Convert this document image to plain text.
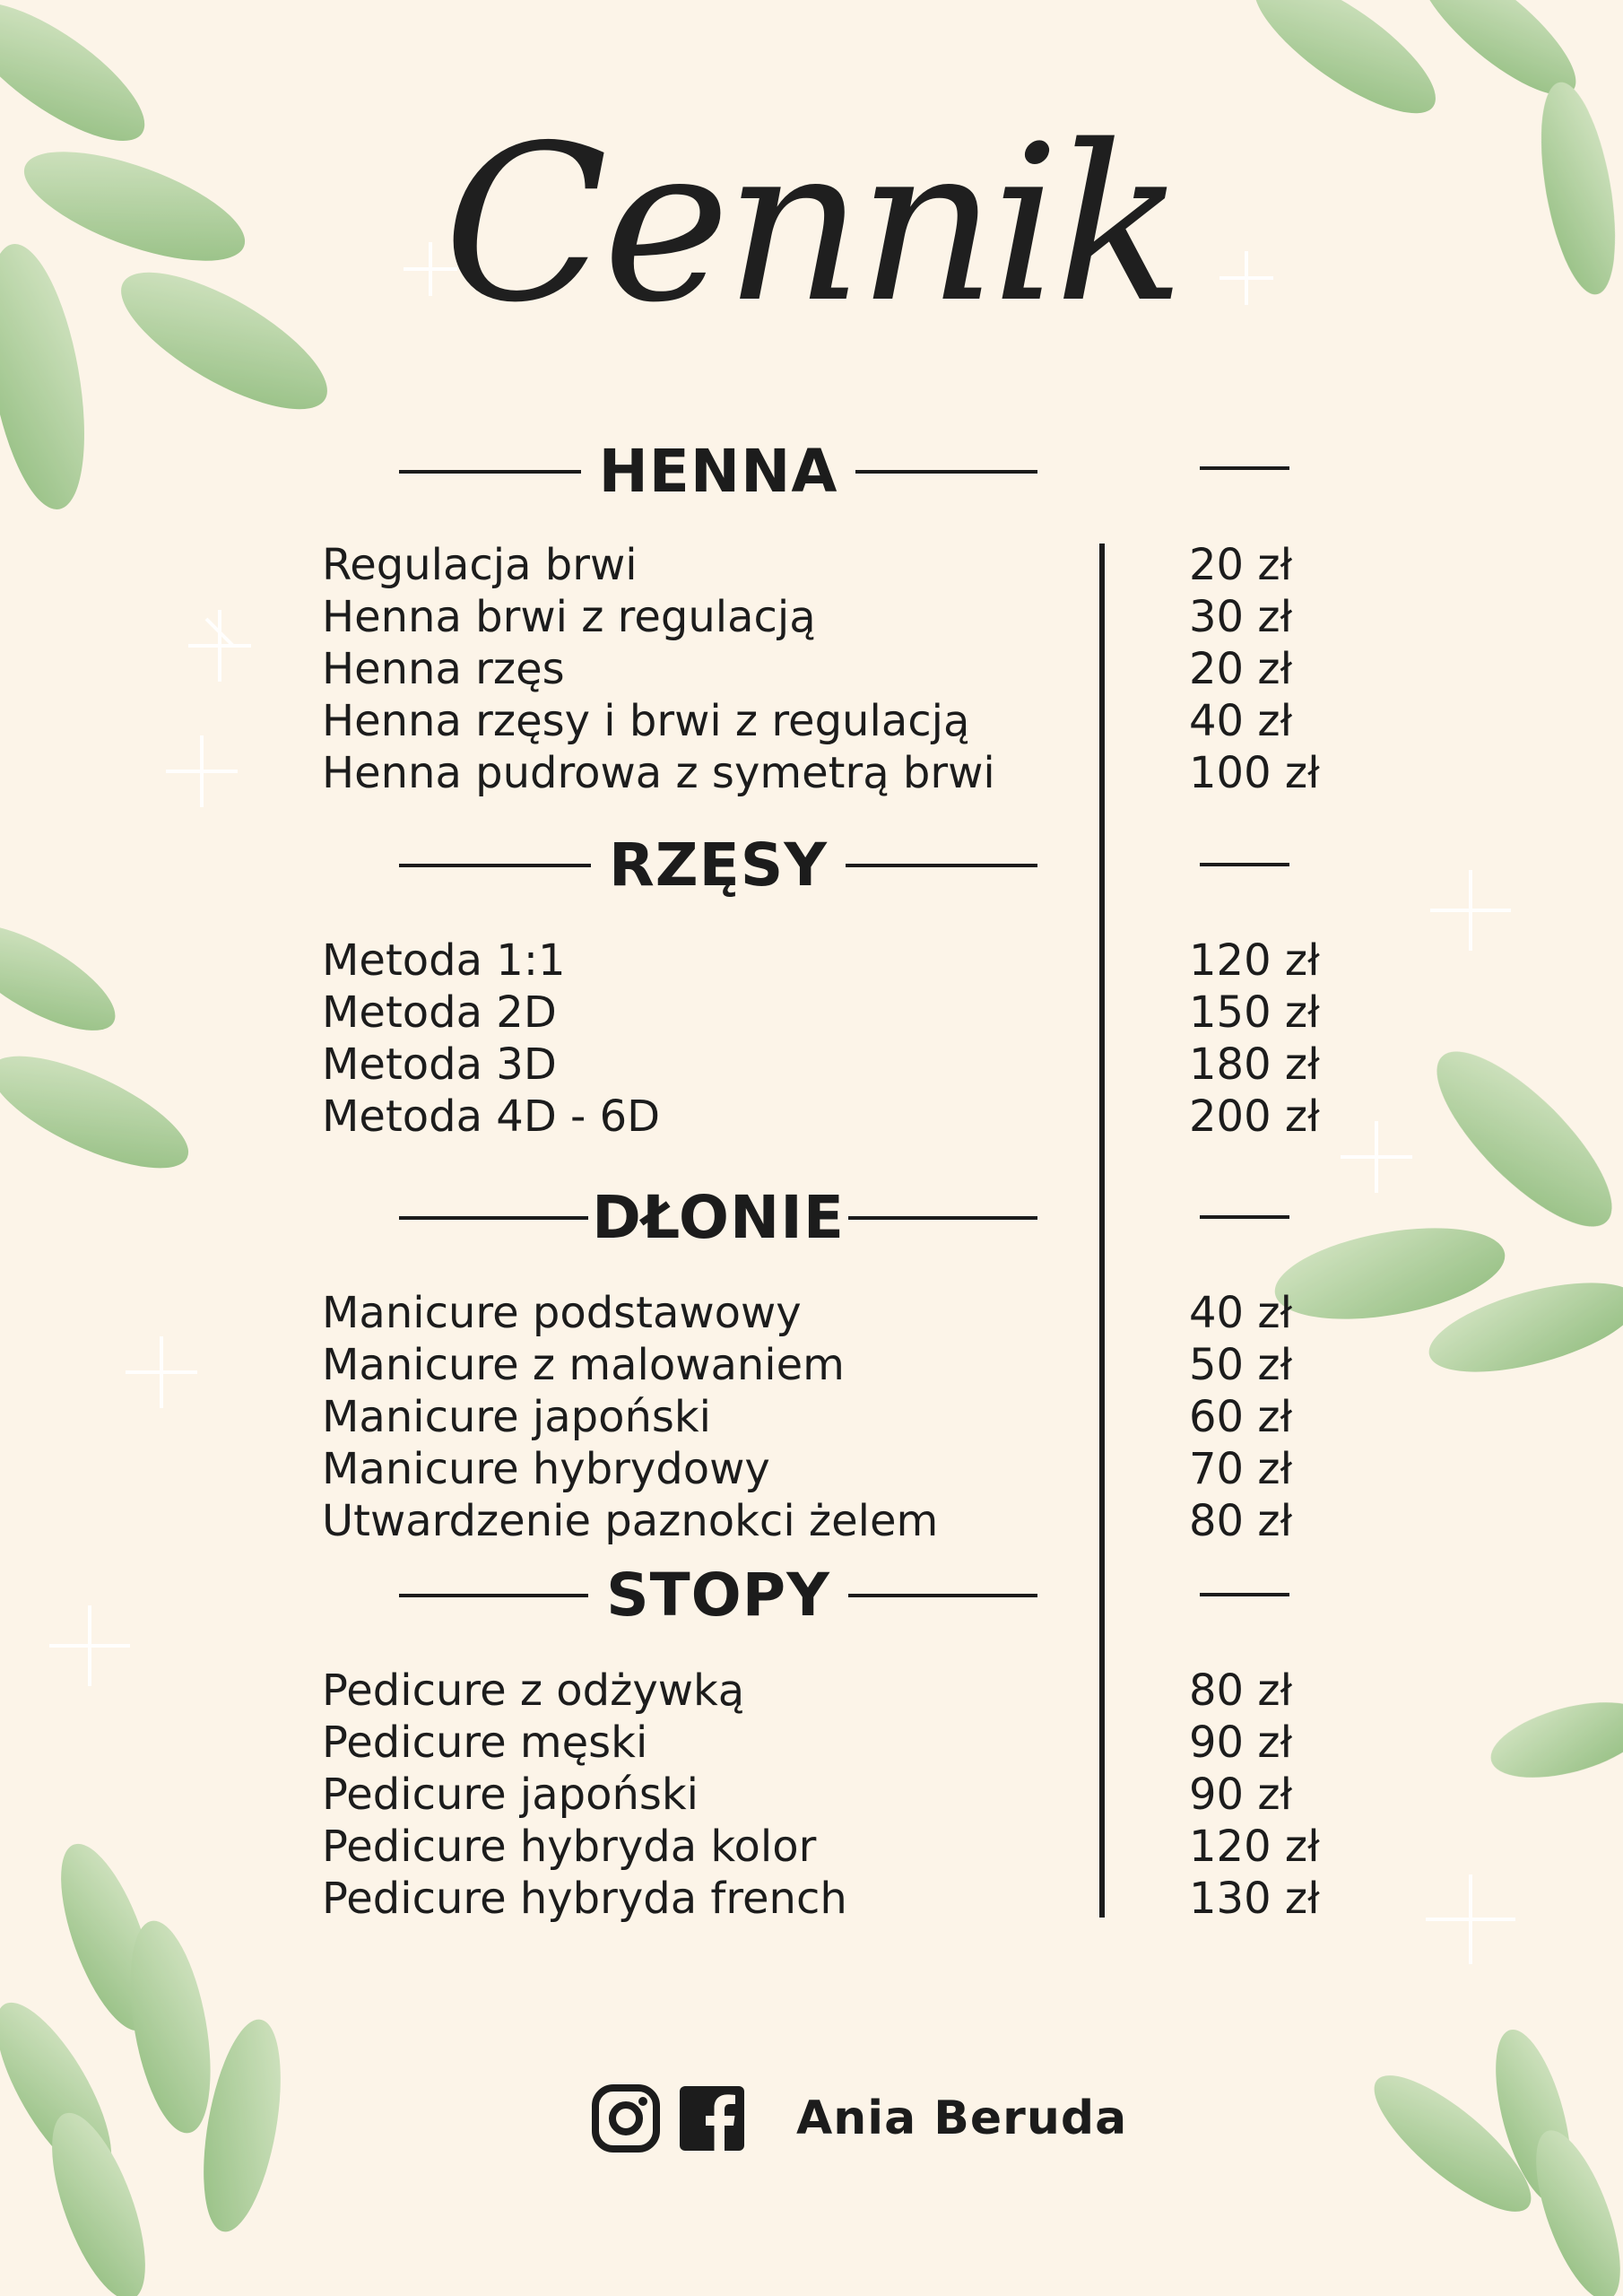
Cennik
HENNA
Regulacja brwi	20 zł
Henna brwi z regulacją	30 zł
Henna rzęs	20 zł
Henna rzęsy i brwi z regulacją	40 zł
Henna pudrowa z symetrą brwi	100 zł
RZĘSY
Metoda 1:1	120 zł
Metoda 2D	150 zł
Metoda 3D	180 zł
Metoda 4D - 6D	200 zł
DŁONIE
Manicure podstawowy	40 zł
Manicure z malowaniem	50 zł
Manicure japoński	60 zł
Manicure hybrydowy	70 zł
Utwardzenie paznokci żelem	80 zł
STOPY
Pedicure z odżywką	80 zł
Pedicure męski	90 zł
Pedicure japoński	90 zł
Pedicure hybryda kolor	120 zł
Pedicure hybryda french	130 zł
Ania Beruda
